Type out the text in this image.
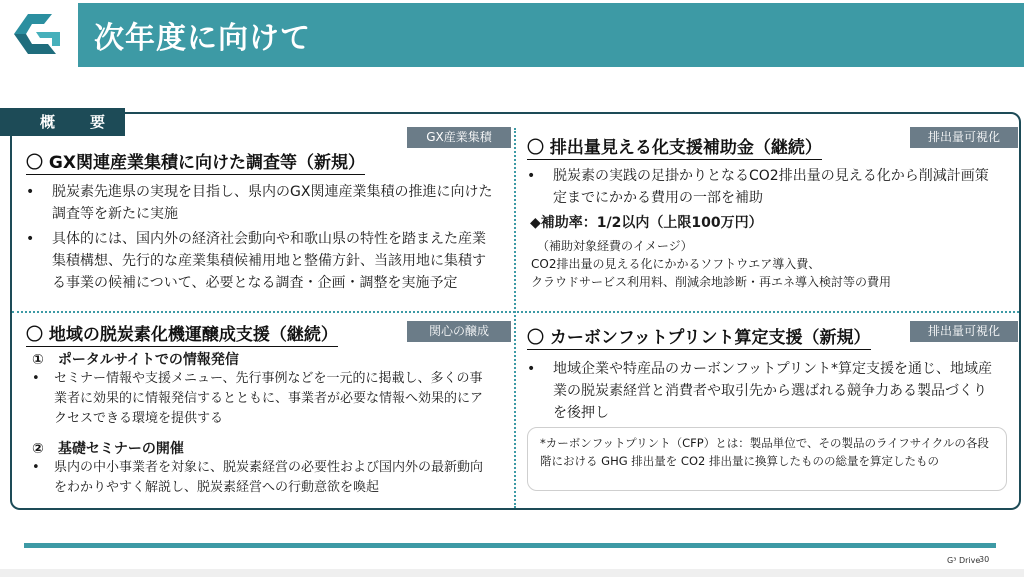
次年度に向けて
概　要
GX産業集積
〇 GX関連産業集積に向けた調査等（新規）
• 脱炭素先進県の実現を目指し、県内のGX関連産業集積の推進に向けた調査等を新たに実施
• 具体的には、国内外の経済社会動向や和歌山県の特性を踏まえた産業集積構想、先行的な産業集積候補用地と整備方針、当該用地に集積する事業の候補について、必要となる調査・企画・調整を実施予定
排出量可視化
〇 排出量見える化支援補助金（継続）
• 脱炭素の実践の足掛かりとなるCO2排出量の見える化から削減計画策定までにかかる費用の一部を補助
◆補助率：1/2以内（上限100万円）
（補助対象経費のイメージ）
CO2排出量の見える化にかかるソフトウエア導入費、
クラウドサービス利用料、削減余地診断・再エネ導入検討等の費用
関心の醸成
〇 地域の脱炭素化機運醸成支援（継続）
①　ポータルサイトでの情報発信
• セミナー情報や支援メニュー、先行事例などを一元的に掲載し、多くの事業者に効果的に情報発信するとともに、事業者が必要な情報へ効果的にアクセスできる環境を提供する
②　基礎セミナーの開催
• 県内の中小事業者を対象に、脱炭素経営の必要性および国内外の最新動向をわかりやすく解説し、脱炭素経営への行動意欲を喚起
排出量可視化
〇 カーボンフットプリント算定支援（新規）
• 地域企業や特産品のカーボンフットプリント*算定支援を通じ、地域産業の脱炭素経営と消費者や取引先から選ばれる競争力ある製品づくりを後押し
*カーボンフットプリント（CFP）とは：製品単位で、その製品のライフサイクルの各段階における GHG 排出量を CO2 排出量に換算したものの総量を算定したもの
G³ Drive
30
